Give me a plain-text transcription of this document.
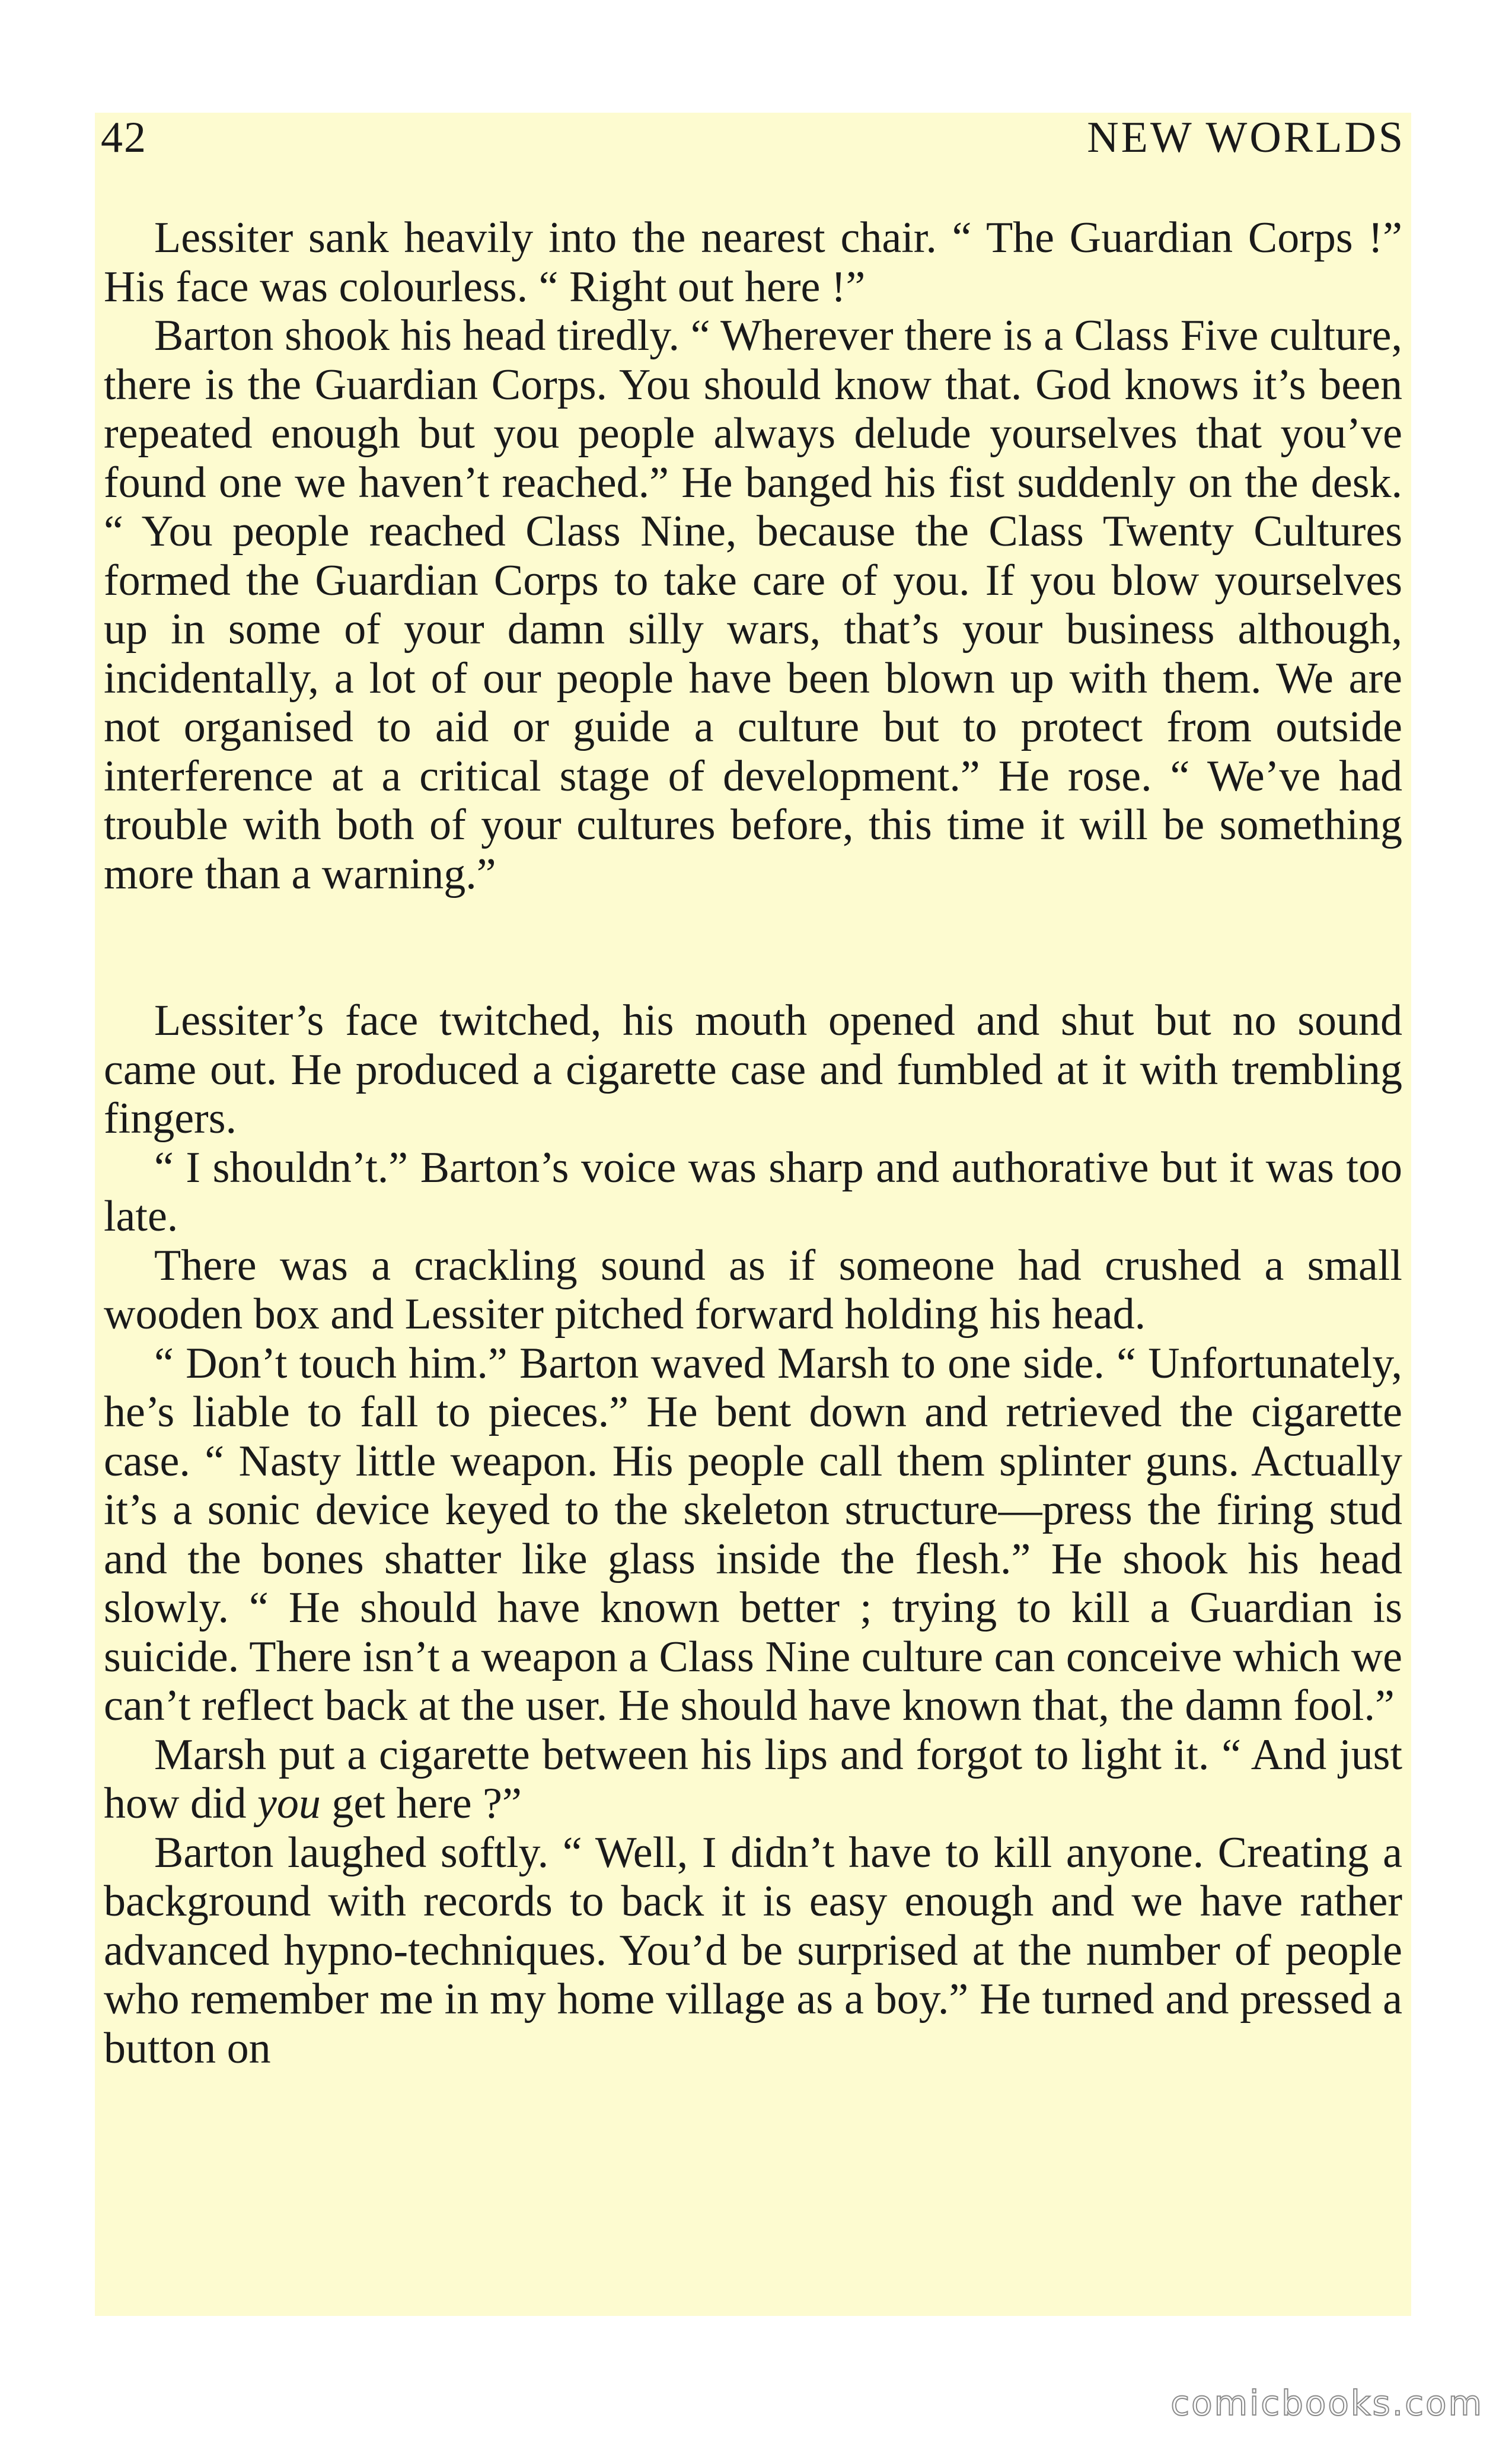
42	NEW WORLDS

Lessiter sank heavily into the nearest chair. “ The Guardian Corps !” His face was colourless. “ Right out here !”

Barton shook his head tiredly. “ Wherever there is a Class Five culture, there is the Guardian Corps. You should know that. God knows it’s been repeated enough but you people always delude yourselves that you’ve found one we haven’t reached.” He banged his fist suddenly on the desk. “ You people reached Class Nine, because the Class Twenty Cultures formed the Guardian Corps to take care of you. If you blow yourselves up in some of your damn silly wars, that’s your business although, incidentally, a lot of our people have been blown up with them. We are not organised to aid or guide a culture but to protect from outside interference at a critical stage of development.” He rose. “ We’ve had trouble with both of your cultures before, this time it will be something more than a warning.”

Lessiter’s face twitched, his mouth opened and shut but no sound came out. He produced a cigarette case and fumbled at it with trembling fingers.

“ I shouldn’t.” Barton’s voice was sharp and authorative but it was too late.

There was a crackling sound as if someone had crushed a small wooden box and Lessiter pitched forward holding his head.

“ Don’t touch him.” Barton waved Marsh to one side. “ Unfortunately, he’s liable to fall to pieces.” He bent down and retrieved the cigarette case. “ Nasty little weapon. His people call them splinter guns. Actually it’s a sonic device keyed to the skeleton structure—press the firing stud and the bones shatter like glass inside the flesh.” He shook his head slowly. “ He should have known better ; trying to kill a Guardian is suicide. There isn’t a weapon a Class Nine culture can conceive which we can’t reflect back at the user. He should have known that, the damn fool.”

Marsh put a cigarette between his lips and forgot to light it. “ And just how did you get here ?”

Barton laughed softly. “ Well, I didn’t have to kill anyone. Creating a background with records to back it is easy enough and we have rather advanced hypno-techniques. You’d be surprised at the number of people who remember me in my home village as a boy.” He turned and pressed a button on

comicbooks.com
